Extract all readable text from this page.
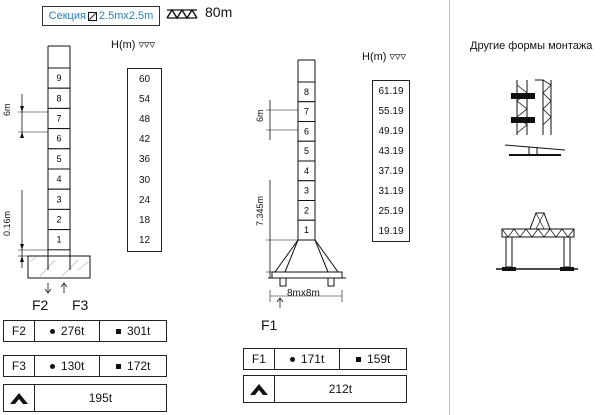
Секция 2.5mx2.5m	80m
9
8
7
6
5
4
3
2
1
6m
0.16m
F2 F3
H(m) ▿▿▿
60
54
48
42
36
30
24
18
12
8
7
6
5
4
3
2
1
6m
7.345m
8mx8m
F1
H(m) ▿▿▿
61.19
55.19
49.19
43.19
37.19
31.19
25.19
19.19
F2	276t	301t
F3	130t	172t
195t
F1	171t	159t
212t
Другие формы монтажа
